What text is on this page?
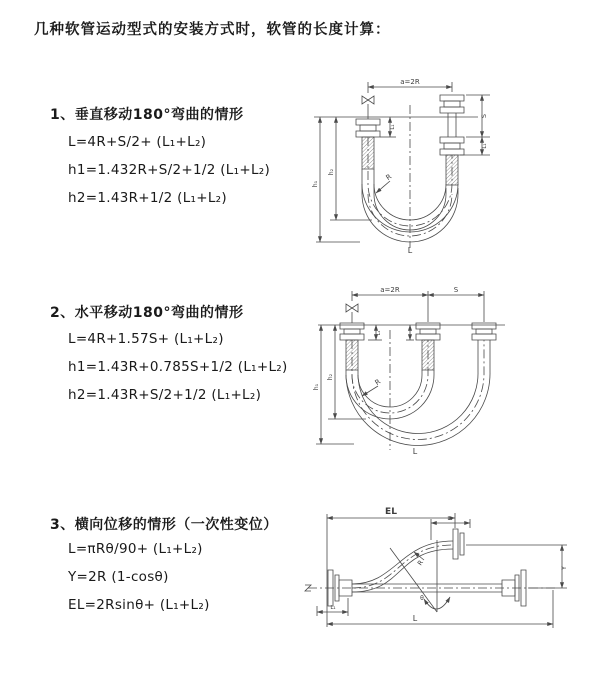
几种软管运动型式的安装方式时，软管的长度计算：
1、垂直移动180°弯曲的情形
L=4R+S/2+ (L₁+L₂)
h1=1.432R+S/2+1/2 (L₁+L₂)
h2=1.43R+1/2 (L₁+L₂)
2、水平移动180°弯曲的情形
L=4R+1.57S+ (L₁+L₂)
h1=1.43R+0.785S+1/2 (L₁+L₂)
h2=1.43R+S/2+1/2 (L₁+L₂)
3、横向位移的情形（一次性变位）
L=πRθ/90+ (L₁+L₂)
Y=2R (1-cosθ)
EL=2Rsinθ+ (L₁+L₂)
a=2R
h₁
h₂
L₁
S
L₁
R
L
a=2R	S
h₁
h₂
L₁
R
L
EL
L₁
Y
R
θ
L
L₁
